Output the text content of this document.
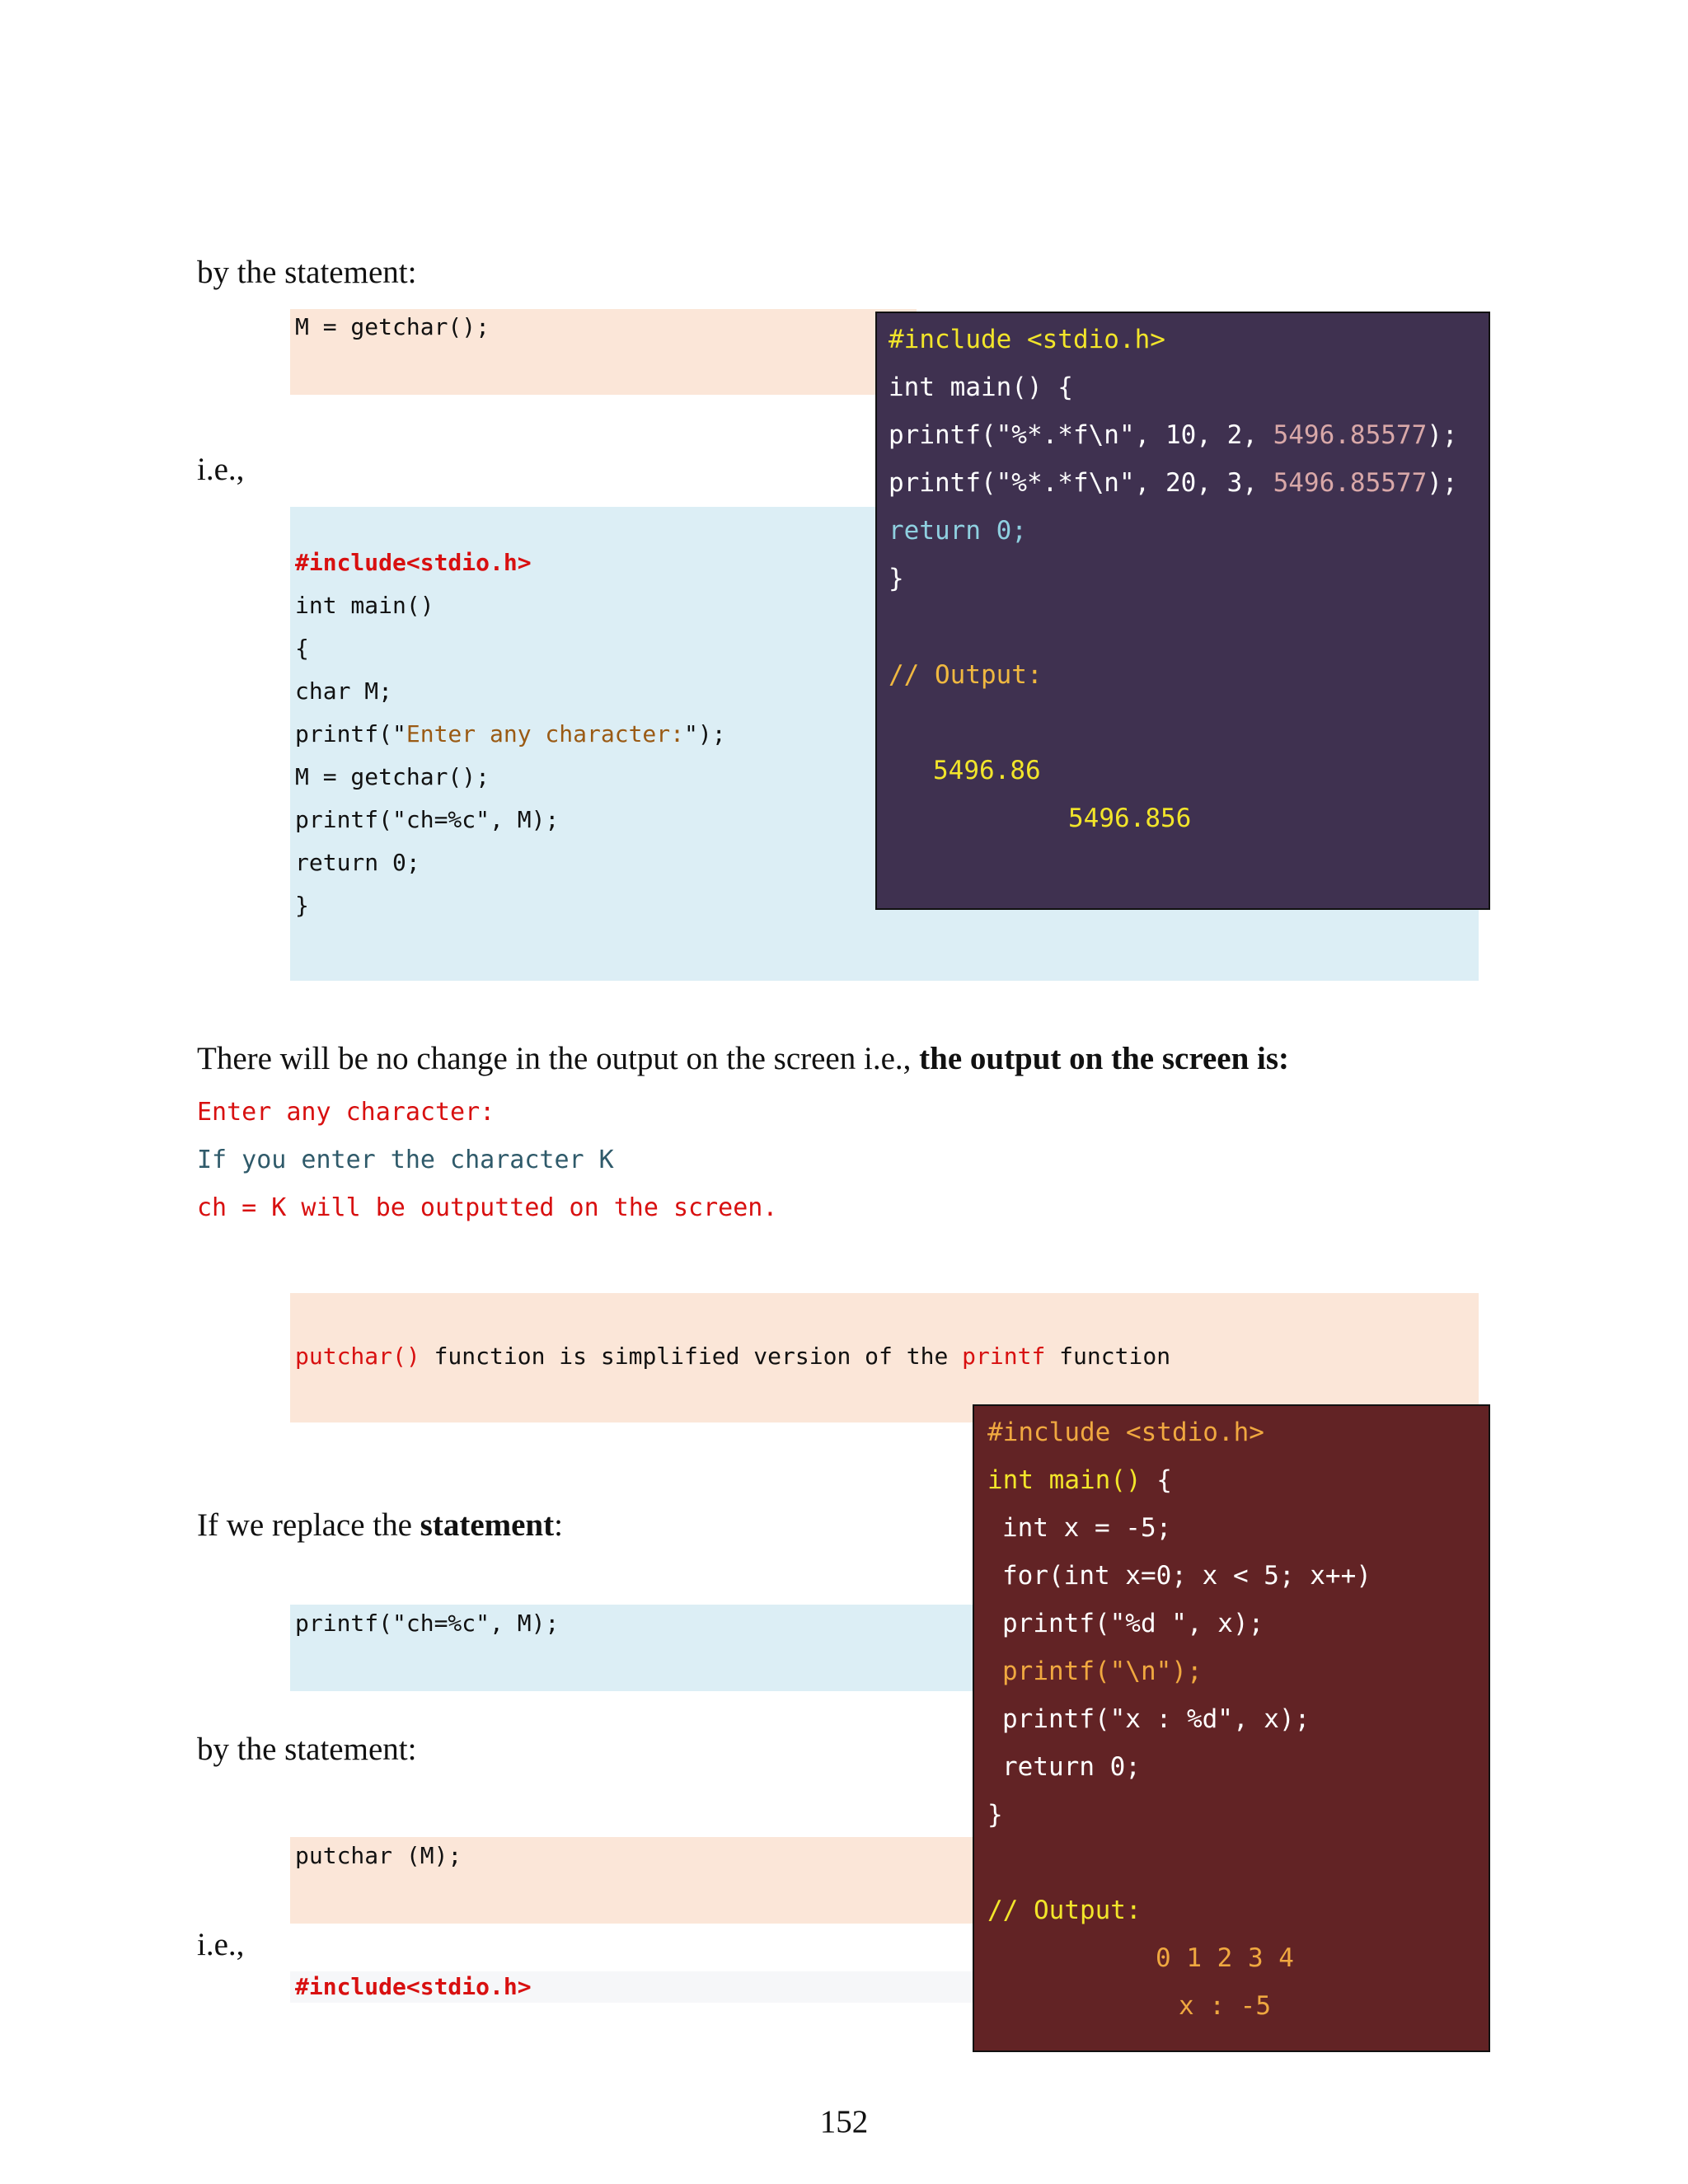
by the statement:
M = getchar();
i.e.,
#include<stdio.h>
int main()
{
char M;
printf("Enter any character:");
M = getchar();
printf("ch=%c", M);
return 0;
}
#include <stdio.h>
int main() {
printf("%*.*f\n", 10, 2, 5496.85577);
printf("%*.*f\n", 20, 3, 5496.85577);
return 0;
}
// Output:
5496.86
5496.856
There will be no change in the output on the screen i.e., the output on the screen is:
Enter any character:
If you enter the character K
ch = K will be outputted on the screen.
putchar() function is simplified version of the printf function
If we replace the statement:
printf("ch=%c", M);
by the statement:
putchar (M);
i.e.,
#include<stdio.h>
#include <stdio.h>
int main() {
int x = -5;
for(int x=0; x < 5; x++)
printf("%d ", x);
printf("\n");
printf("x : %d", x);
return 0;
}
// Output:
0 1 2 3 4
x : -5
152
